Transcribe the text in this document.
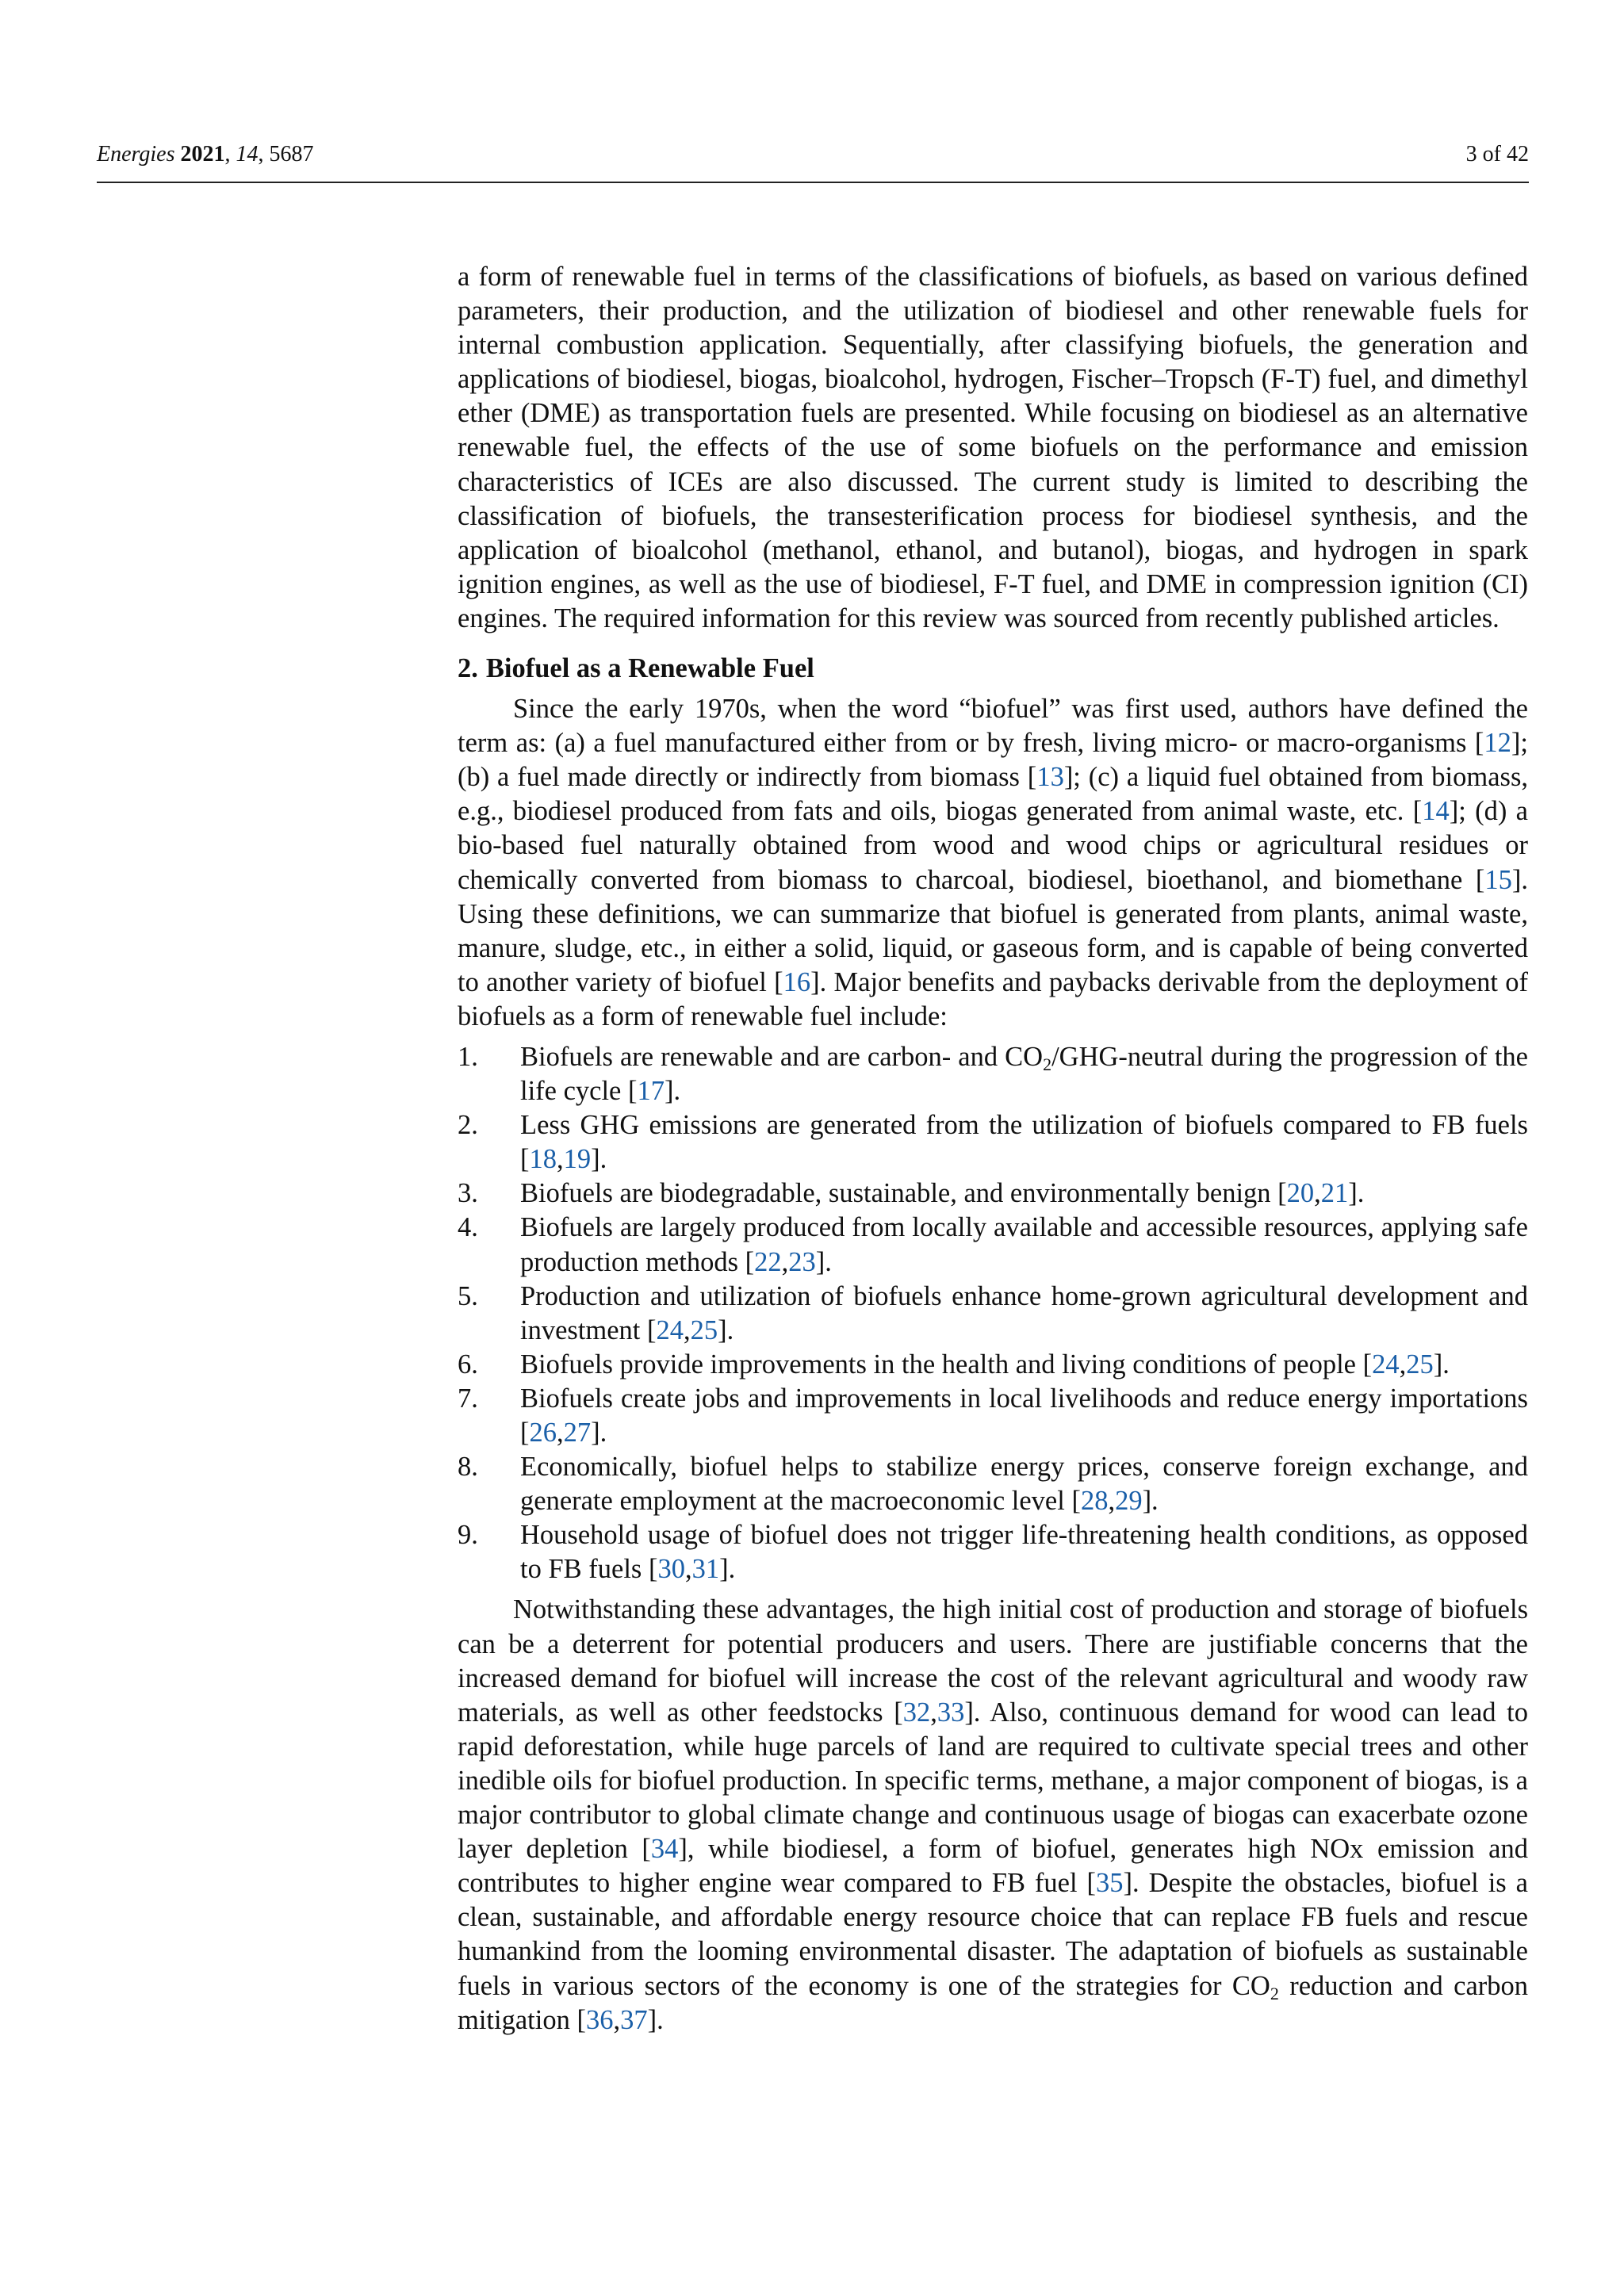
Energies 2021, 14, 5687	3 of 42

a form of renewable fuel in terms of the classifications of biofuels, as based on various defined parameters, their production, and the utilization of biodiesel and other renewable fuels for internal combustion application. Sequentially, after classifying biofuels, the generation and applications of biodiesel, biogas, bioalcohol, hydrogen, Fischer–Tropsch (F-T) fuel, and dimethyl ether (DME) as transportation fuels are presented. While focusing on biodiesel as an alternative renewable fuel, the effects of the use of some biofuels on the performance and emission characteristics of ICEs are also discussed. The current study is limited to describing the classification of biofuels, the transesterification process for biodiesel synthesis, and the application of bioalcohol (methanol, ethanol, and butanol), biogas, and hydrogen in spark ignition engines, as well as the use of biodiesel, F-T fuel, and DME in compression ignition (CI) engines. The required information for this review was sourced from recently published articles.

2. Biofuel as a Renewable Fuel

Since the early 1970s, when the word “biofuel” was first used, authors have defined the term as: (a) a fuel manufactured either from or by fresh, living micro- or macro-organisms [12]; (b) a fuel made directly or indirectly from biomass [13]; (c) a liquid fuel obtained from biomass, e.g., biodiesel produced from fats and oils, biogas generated from animal waste, etc. [14]; (d) a bio-based fuel naturally obtained from wood and wood chips or agricultural residues or chemically converted from biomass to charcoal, biodiesel, bioethanol, and biomethane [15]. Using these definitions, we can summarize that biofuel is generated from plants, animal waste, manure, sludge, etc., in either a solid, liquid, or gaseous form, and is capable of being converted to another variety of biofuel [16]. Major benefits and paybacks derivable from the deployment of biofuels as a form of renewable fuel include:

1. Biofuels are renewable and are carbon- and $CO_2/GHG$-neutral during the progression of the life cycle [17].
2. Less GHG emissions are generated from the utilization of biofuels compared to FB fuels [18,19].
3. Biofuels are biodegradable, sustainable, and environmentally benign [20,21].
4. Biofuels are largely produced from locally available and accessible resources, applying safe production methods [22,23].
5. Production and utilization of biofuels enhance home-grown agricultural development and investment [24,25].
6. Biofuels provide improvements in the health and living conditions of people [24,25].
7. Biofuels create jobs and improvements in local livelihoods and reduce energy importations [26,27].
8. Economically, biofuel helps to stabilize energy prices, conserve foreign exchange, and generate employment at the macroeconomic level [28,29].
9. Household usage of biofuel does not trigger life-threatening health conditions, as opposed to FB fuels [30,31].

Notwithstanding these advantages, the high initial cost of production and storage of biofuels can be a deterrent for potential producers and users. There are justifiable concerns that the increased demand for biofuel will increase the cost of the relevant agricultural and woody raw materials, as well as other feedstocks [32,33]. Also, continuous demand for wood can lead to rapid deforestation, while huge parcels of land are required to cultivate special trees and other inedible oils for biofuel production. In specific terms, methane, a major component of biogas, is a major contributor to global climate change and continuous usage of biogas can exacerbate ozone layer depletion [34], while biodiesel, a form of biofuel, generates high NOx emission and contributes to higher engine wear compared to FB fuel [35]. Despite the obstacles, biofuel is a clean, sustainable, and affordable energy resource choice that can replace FB fuels and rescue humankind from the looming environmental disaster. The adaptation of biofuels as sustainable fuels in various sectors of the economy is one of the strategies for $CO_2$ reduction and carbon mitigation [36,37].
